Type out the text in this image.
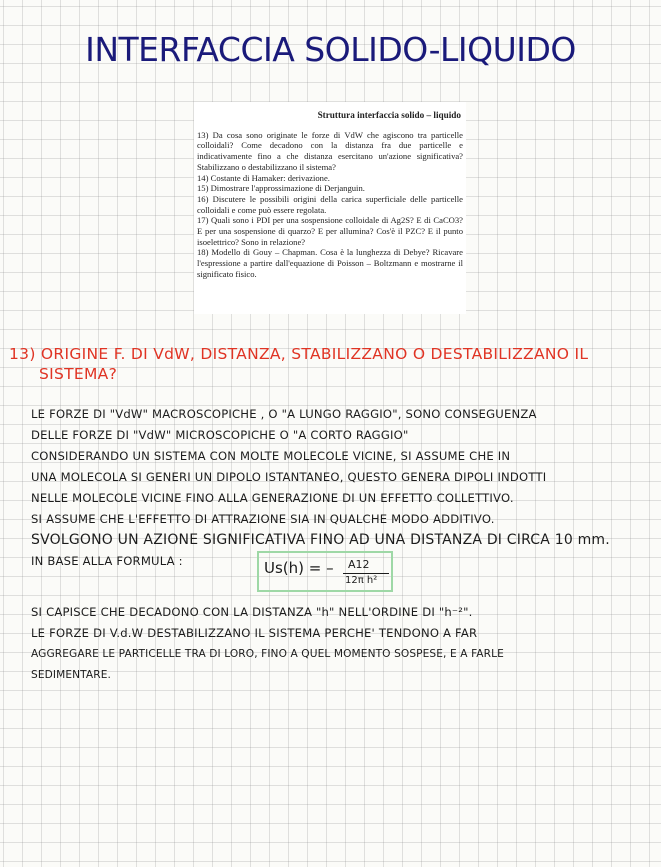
INTERFACCIA SOLIDO-LIQUIDO
Struttura interfaccia solido – liquido
13) Da cosa sono originate le forze di VdW che agiscono tra particelle colloidali? Come decadono con la distanza fra due particelle e indicativamente fino a che distanza esercitano un'azione significativa? Stabilizzano o destabilizzano il sistema?
14) Costante di Hamaker: derivazione.
15) Dimostrare l'approssimazione di Derjanguin.
16) Discutere le possibili origini della carica superficiale delle particelle colloidali e come può essere regolata.
17) Quali sono i PDI per una sospensione colloidale di Ag2S? E di CaCO3? E per una sospensione di quarzo? E per allumina? Cos'è il PZC? E il punto isoelettrico? Sono in relazione?
18) Modello di Gouy – Chapman. Cosa è la lunghezza di Debye? Ricavare l'espressione a partire dall'equazione di Poisson – Boltzmann e mostrarne il significato fisico.
13) ORIGINE F. DI VdW, DISTANZA, STABILIZZANO O DESTABILIZZANO IL
SISTEMA?
LE FORZE DI "VdW" MACROSCOPICHE , O "A LUNGO RAGGIO", SONO CONSEGUENZA
DELLE FORZE DI "VdW" MICROSCOPICHE O "A CORTO RAGGIO"
CONSIDERANDO UN SISTEMA CON MOLTE MOLECOLE VICINE, SI ASSUME CHE IN
UNA MOLECOLA SI GENERI UN DIPOLO ISTANTANEO, QUESTO GENERA DIPOLI INDOTTI
NELLE MOLECOLE VICINE FINO ALLA GENERAZIONE DI UN EFFETTO COLLETTIVO.
SI ASSUME CHE L'EFFETTO DI ATTRAZIONE SIA IN QUALCHE MODO ADDITIVO.
SVOLGONO UN AZIONE SIGNIFICATIVA FINO AD UNA DISTANZA DI CIRCA 10 mm.
IN BASE ALLA FORMULA :	Us(h) = – A12
12π h²
SI CAPISCE CHE DECADONO CON LA DISTANZA "h" NELL'ORDINE DI "h⁻²".
LE FORZE DI V.d.W DESTABILIZZANO IL SISTEMA PERCHE' TENDONO A FAR
AGGREGARE LE PARTICELLE TRA DI LORO, FINO A QUEL MOMENTO SOSPESE, E A FARLE
SEDIMENTARE.
